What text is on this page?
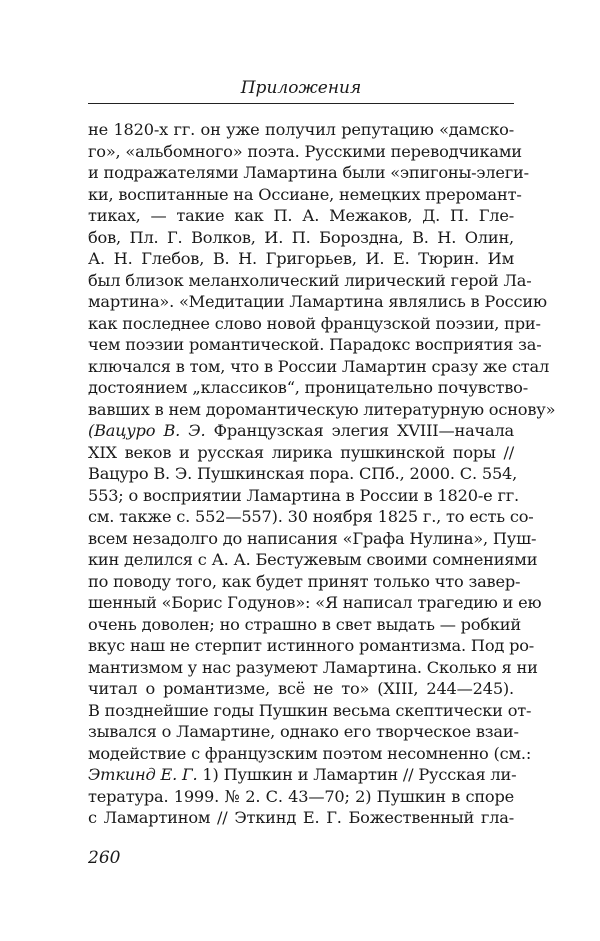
Приложения
не 1820-х гг. он уже получил репутацию «дамско-
го», «альбомного» поэта. Русскими переводчиками
и подражателями Ламартина были «эпигоны-элеги-
ки, воспитанные на Оссиане, немецких преромант-
тиках, — такие как П. А. Межаков, Д. П. Гле-
бов, Пл. Г. Волков, И. П. Бороздна, В. Н. Олин,
А. Н. Глебов, В. Н. Григорьев, И. Е. Тюрин. Им
был близок меланхолический лирический герой Ла-
мартина». «Медитации Ламартина являлись в Россию
как последнее слово новой французской поэзии, при-
чем поэзии романтической. Парадокс восприятия за-
ключался в том, что в России Ламартин сразу же стал
достоянием „классиков“, проницательно почувство-
вавших в нем доромантическую литературную основу»
(Вацуро В. Э. Французская элегия XVIII—начала
XIX веков и русская лирика пушкинской поры //
Вацуро В. Э. Пушкинская пора. СПб., 2000. С. 554,
553; о восприятии Ламартина в России в 1820-е гг.
см. также с. 552—557). 30 ноября 1825 г., то есть со-
всем незадолго до написания «Графа Нулина», Пуш-
кин делился с А. А. Бестужевым своими сомнениями
по поводу того, как будет принят только что завер-
шенный «Борис Годунов»: «Я написал трагедию и ею
очень доволен; но страшно в свет выдать — робкий
вкус наш не стерпит истинного романтизма. Под ро-
мантизмом у нас разумеют Ламартина. Сколько я ни
читал о романтизме, всё не то» (XIII, 244—245).
В позднейшие годы Пушкин весьма скептически от-
зывался о Ламартине, однако его творческое взаи-
модействие с французским поэтом несомненно (см.:
Эткинд Е. Г. 1) Пушкин и Ламартин // Русская ли-
тература. 1999. № 2. С. 43—70; 2) Пушкин в споре
с Ламартином // Эткинд Е. Г. Божественный гла-
260
